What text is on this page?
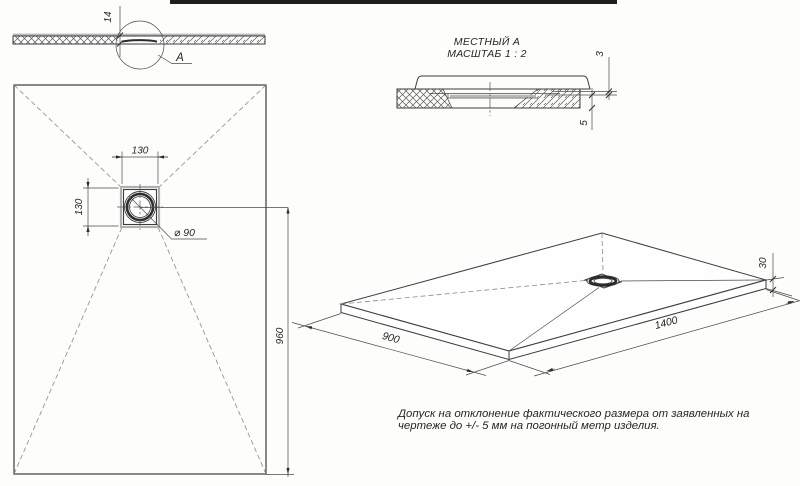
14
A
МЕСТНЫЙ А
МАСШТАБ 1 : 2	3
5
130
130
⌀ 90
960	900
1400
30
Допуск на отклонение фактического размера от заявленных на
чертеже до +/- 5 мм на погонный метр изделия.
